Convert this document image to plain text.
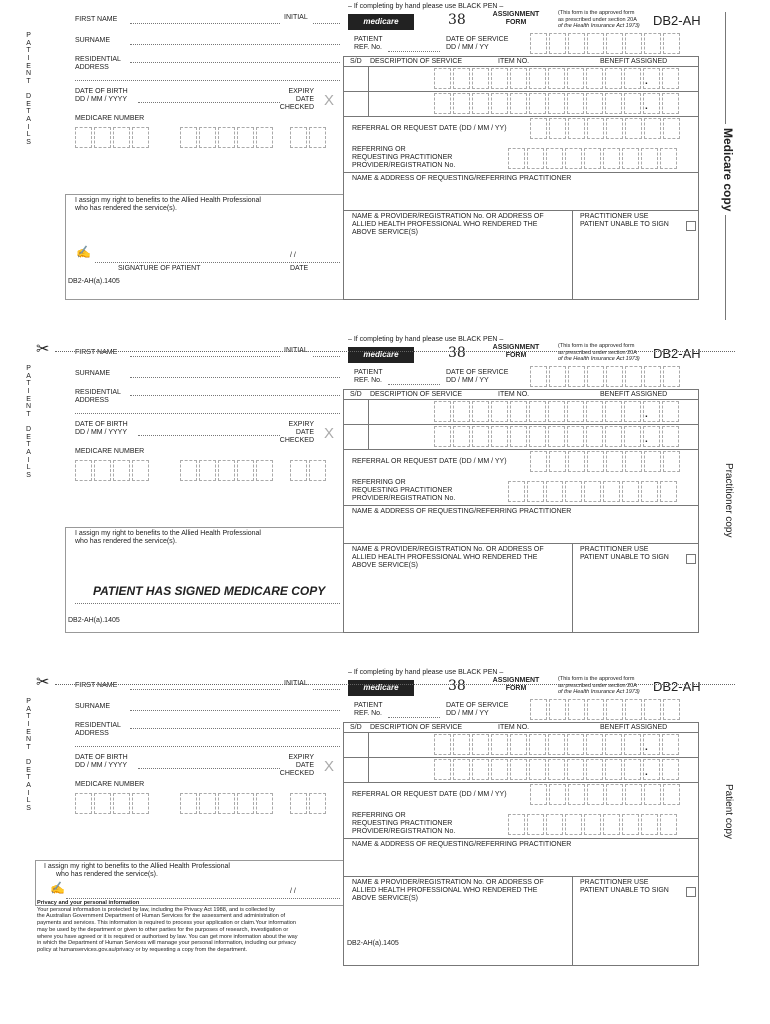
– If completing by hand please use BLACK PEN –
P
A
T
I
E
N
T
D
E
T
A
I
L
S
FIRST NAME	INITIAL
SURNAME
RESIDENTIAL
ADDRESS
DATE OF BIRTH
DD / MM / YYYY
EXPIRY
DATE
CHECKED X
MEDICARE NUMBER
I assign my right to benefits to the Allied Health Professional
who has rendered the service(s).
✍	/ /
SIGNATURE OF PATIENT	DATE
DB2-AH(a).1405
medicare	38	ASSIGNMENT
FORM
(This form is the approved form
as prescribed under section 20A
of the Health Insurance Act 1973) DB2-AH
PATIENT
REF. No.
DATE OF SERVICE
DD / MM / YY
S/D DESCRIPTION OF SERVICE	ITEM NO.	BENEFIT ASSIGNED
.
.
REFERRAL OR REQUEST DATE (DD / MM / YY)
REFERRING OR
REQUESTING PRACTITIONER
PROVIDER/REGISTRATION No.
NAME & ADDRESS OF REQUESTING/REFERRING PRACTITIONER
NAME & PROVIDER/REGISTRATION No. OR ADDRESS OF
ALLIED HEALTH PROFESSIONAL WHO RENDERED THE
ABOVE SERVICE(S)
PRACTITIONER USE
PATIENT UNABLE TO SIGN
Medicare copy
– If completing by hand please use BLACK PEN –
P
A
T
I
E
N
T
D
E
T
A
I
L
S
FIRST NAME	INITIAL
SURNAME
RESIDENTIAL
ADDRESS
DATE OF BIRTH
DD / MM / YYYY
EXPIRY
DATE
CHECKED X
MEDICARE NUMBER
I assign my right to benefits to the Allied Health Professional
who has rendered the service(s).
DB2-AH(a).1405
medicare	38	ASSIGNMENT
FORM
(This form is the approved form
as prescribed under section 20A
of the Health Insurance Act 1973) DB2-AH
PATIENT
REF. No.
DATE OF SERVICE
DD / MM / YY
S/D DESCRIPTION OF SERVICE	ITEM NO.	BENEFIT ASSIGNED
.
.
REFERRAL OR REQUEST DATE (DD / MM / YY)
REFERRING OR
REQUESTING PRACTITIONER
PROVIDER/REGISTRATION No.
NAME & ADDRESS OF REQUESTING/REFERRING PRACTITIONER
NAME & PROVIDER/REGISTRATION No. OR ADDRESS OF
ALLIED HEALTH PROFESSIONAL WHO RENDERED THE
ABOVE SERVICE(S)
PRACTITIONER USE
PATIENT UNABLE TO SIGN
Practitioner copy
PATIENT HAS SIGNED MEDICARE COPY
– If completing by hand please use BLACK PEN –
P
A
T
I
E
N
T
D
E
T
A
I
L
S
FIRST NAME	INITIAL
SURNAME
RESIDENTIAL
ADDRESS
DATE OF BIRTH
DD / MM / YYYY
EXPIRY
DATE
CHECKED X
MEDICARE NUMBER
I assign my right to benefits to the Allied Health Professional
who has rendered the service(s).
✍	/ /
DB2-AH(a).1405
medicare	38	ASSIGNMENT
FORM
(This form is the approved form
as prescribed under section 20A
of the Health Insurance Act 1973) DB2-AH
PATIENT
REF. No.
DATE OF SERVICE
DD / MM / YY
S/D DESCRIPTION OF SERVICE	ITEM NO.	BENEFIT ASSIGNED
.
.
REFERRAL OR REQUEST DATE (DD / MM / YY)
REFERRING OR
REQUESTING PRACTITIONER
PROVIDER/REGISTRATION No.
NAME & ADDRESS OF REQUESTING/REFERRING PRACTITIONER
NAME & PROVIDER/REGISTRATION No. OR ADDRESS OF
ALLIED HEALTH PROFESSIONAL WHO RENDERED THE
ABOVE SERVICE(S)
PRACTITIONER USE
PATIENT UNABLE TO SIGN
Patient copy
Privacy and your personal information
Your personal information is protected by law, including the Privacy Act 1988, and is collected by
the Australian Government Department of Human Services for the assessment and administration of
payments and services. This information is required to process your application or claim.Your information
may be used by the department or given to other parties for the purposes of research, investigation or
where you have agreed or it is required or authorised by law. You can get more information about the way
in which the Department of Human Services will manage your personal information, including our privacy
policy at humanservices.gov.au/privacy or by requesting a copy from the department.
✂
✂
